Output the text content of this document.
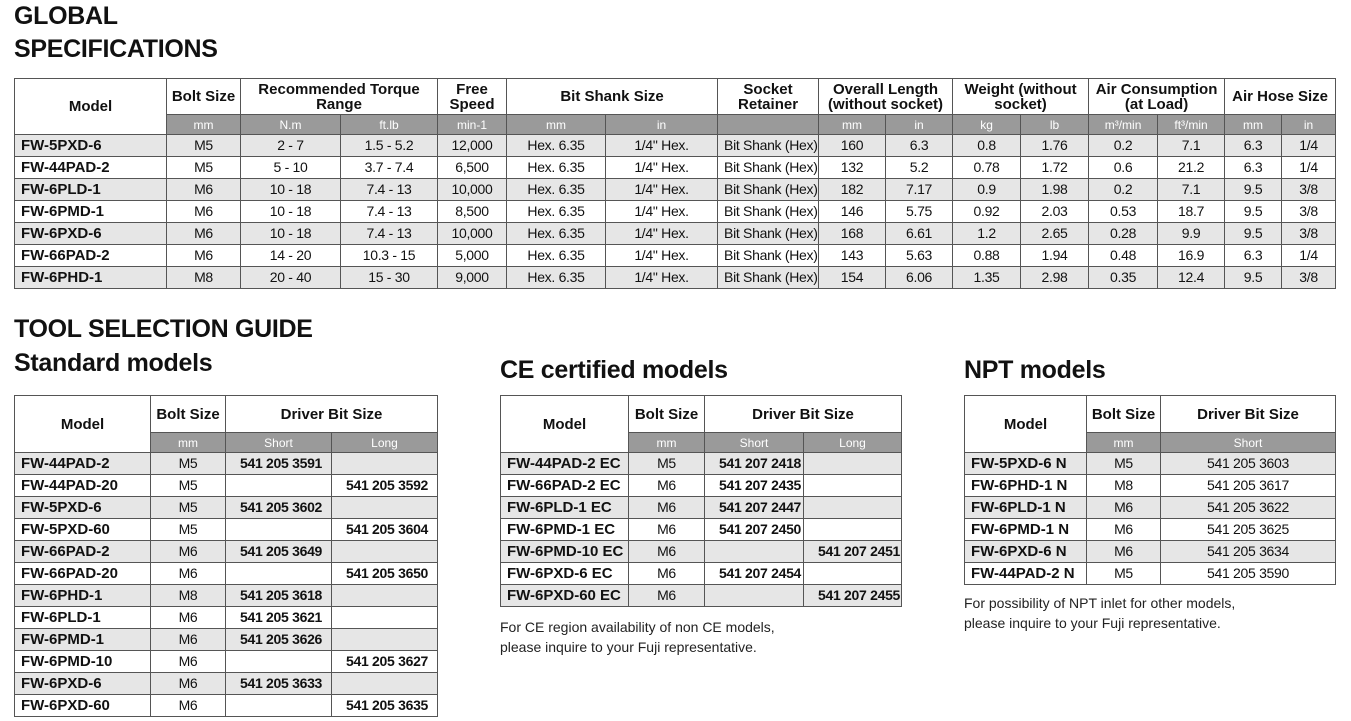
GLOBAL
SPECIFICATIONS
Model	Bolt Size	Recommended Torque Range		Free Speed	Bit Shank Size		Socket Retainer	Overall Length (without socket)		Weight (without socket)		Air Consumption (at Load)		Air Hose Size	
	mm	N.m	ft.lb	min-1	mm	in		mm	in	kg	lb	m³/min	ft³/min	mm	in
FW-5PXD-6	M5	2 - 7	1.5 - 5.2	12,000	Hex. 6.35	1/4" Hex.	Bit Shank (Hex)	160	6.3	0.8	1.76	0.2	7.1	6.3	1/4
FW-44PAD-2	M5	5 - 10	3.7 - 7.4	6,500	Hex. 6.35	1/4" Hex.	Bit Shank (Hex)	132	5.2	0.78	1.72	0.6	21.2	6.3	1/4
FW-6PLD-1	M6	10 - 18	7.4 - 13	10,000	Hex. 6.35	1/4" Hex.	Bit Shank (Hex)	182	7.17	0.9	1.98	0.2	7.1	9.5	3/8
FW-6PMD-1	M6	10 - 18	7.4 - 13	8,500	Hex. 6.35	1/4" Hex.	Bit Shank (Hex)	146	5.75	0.92	2.03	0.53	18.7	9.5	3/8
FW-6PXD-6	M6	10 - 18	7.4 - 13	10,000	Hex. 6.35	1/4" Hex.	Bit Shank (Hex)	168	6.61	1.2	2.65	0.28	9.9	9.5	3/8
FW-66PAD-2	M6	14 - 20	10.3 - 15	5,000	Hex. 6.35	1/4" Hex.	Bit Shank (Hex)	143	5.63	0.88	1.94	0.48	16.9	6.3	1/4
FW-6PHD-1	M8	20 - 40	15 - 30	9,000	Hex. 6.35	1/4" Hex.	Bit Shank (Hex)	154	6.06	1.35	2.98	0.35	12.4	9.5	3/8
TOOL SELECTION GUIDE
Standard models	CE certified models	NPT models
Model	Bolt Size	Driver Bit Size	
	mm	Short	Long
FW-44PAD-2	M5	541 205 3591	
FW-44PAD-20	M5		541 205 3592
FW-5PXD-6	M5	541 205 3602	
FW-5PXD-60	M5		541 205 3604
FW-66PAD-2	M6	541 205 3649	
FW-66PAD-20	M6		541 205 3650
FW-6PHD-1	M8	541 205 3618	
FW-6PLD-1	M6	541 205 3621	
FW-6PMD-1	M6	541 205 3626	
FW-6PMD-10	M6		541 205 3627
FW-6PXD-6	M6	541 205 3633	
FW-6PXD-60	M6		541 205 3635
Model	Bolt Size	Driver Bit Size	
	mm	Short	Long
FW-44PAD-2 EC	M5	541 207 2418	
FW-66PAD-2 EC	M6	541 207 2435	
FW-6PLD-1 EC	M6	541 207 2447	
FW-6PMD-1 EC	M6	541 207 2450	
FW-6PMD-10 EC	M6		541 207 2451
FW-6PXD-6 EC	M6	541 207 2454	
FW-6PXD-60 EC	M6		541 207 2455
For CE region availability of non CE models,
please inquire to your Fuji representative.
Model	Bolt Size	Driver Bit Size
	mm	Short
FW-5PXD-6 N	M5	541 205 3603
FW-6PHD-1 N	M8	541 205 3617
FW-6PLD-1 N	M6	541 205 3622
FW-6PMD-1 N	M6	541 205 3625
FW-6PXD-6 N	M6	541 205 3634
FW-44PAD-2 N	M5	541 205 3590
For possibility of NPT inlet for other models,
please inquire to your Fuji representative.
